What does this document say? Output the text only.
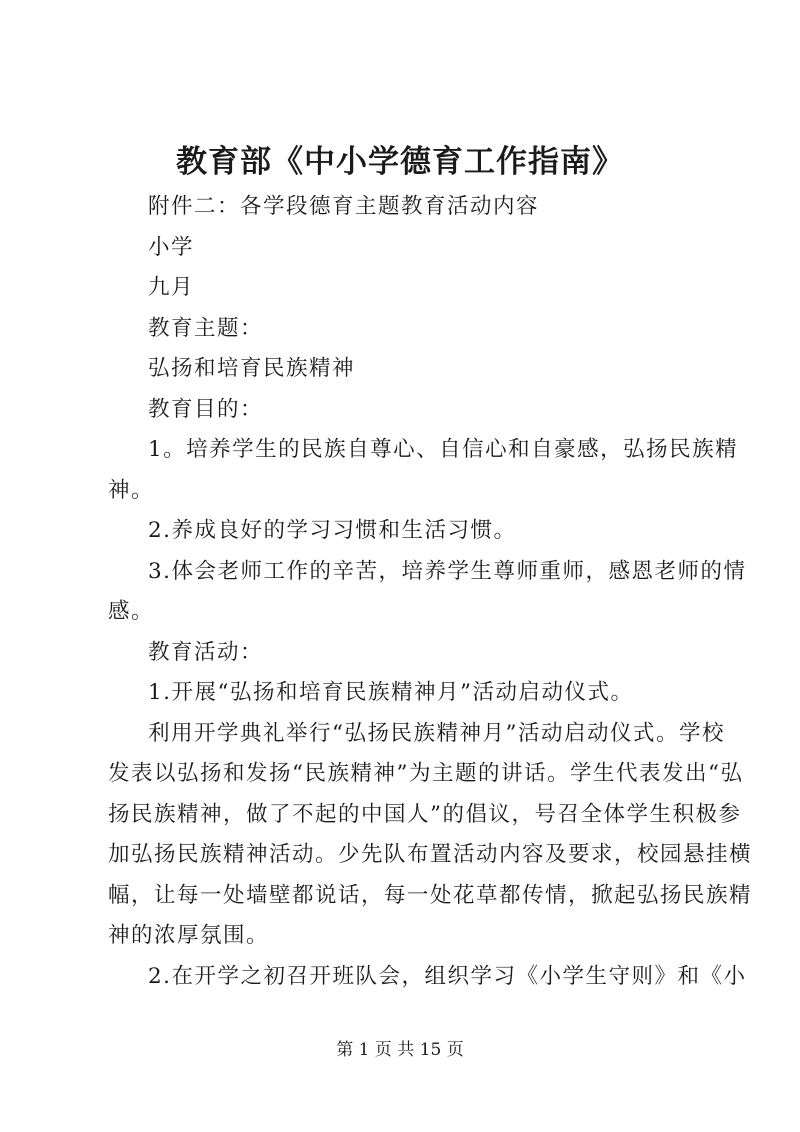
教育部《中小学德育工作指南》
附件二：各学段德育主题教育活动内容
小学
九月
教育主题：
弘扬和培育民族精神
教育目的：
1。培养学生的民族自尊心、自信心和自豪感，弘扬民族精
神。
2.养成良好的学习习惯和生活习惯。
3.体会老师工作的辛苦，培养学生尊师重师，感恩老师的情
感。
教育活动：
1.开展“弘扬和培育民族精神月”活动启动仪式。
利用开学典礼举行“弘扬民族精神月”活动启动仪式。学校
发表以弘扬和发扬“民族精神”为主题的讲话。学生代表发出“弘
扬民族精神，做了不起的中国人”的倡议，号召全体学生积极参
加弘扬民族精神活动。少先队布置活动内容及要求，校园悬挂横
幅，让每一处墙壁都说话，每一处花草都传情，掀起弘扬民族精
神的浓厚氛围。
2.在开学之初召开班队会，组织学习《小学生守则》和《小
第 1 页 共 15 页
